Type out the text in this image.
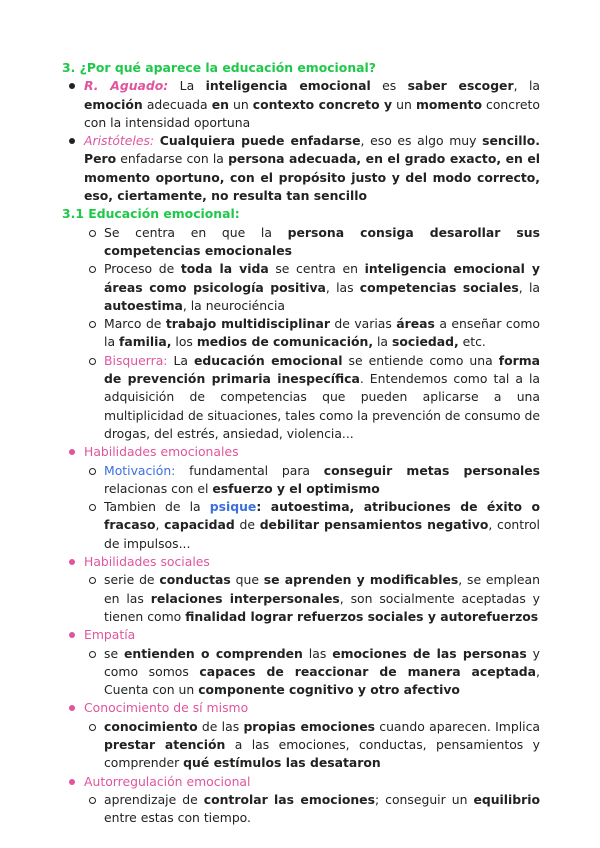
3. ¿Por qué aparece la educación emocional?

R. Aguado: La inteligencia emocional es saber escoger, la emoción adecuada en un contexto concreto y un momento concreto con la intensidad oportuna
Aristóteles: Cualquiera puede enfadarse, eso es algo muy sencillo. Pero enfadarse con la persona adecuada, en el grado exacto, en el momento oportuno, con el propósito justo y del modo correcto, eso, ciertamente, no resulta tan sencillo

3.1 Educación emocional:

Se centra en que la persona consiga desarollar sus competencias emocionales
Proceso de toda la vida se centra en inteligencia emocional y áreas como psicología positiva, las competencias sociales, la autoestima, la neurociéncia
Marco de trabajo multidisciplinar de varias áreas a enseñar como la familia, los medios de comunicación, la sociedad, etc.
Bisquerra: La educación emocional se entiende como una forma de prevención primaria inespecífica. Entendemos como tal a la adquisición de competencias que pueden aplicarse a una multiplicidad de situaciones, tales como la prevención de consumo de drogas, del estrés, ansiedad, violencia...
Habilidades emocionales
Motivación: fundamental para conseguir metas personales relacionas con el esfuerzo y el optimismo
Tambien de la psique: autoestima, atribuciones de éxito o fracaso, capacidad de debilitar pensamientos negativo, control de impulsos...
Habilidades sociales
serie de conductas que se aprenden y modificables, se emplean en las relaciones interpersonales, son socialmente aceptadas y tienen como finalidad lograr refuerzos sociales y autorefuerzos
Empatía
se entienden o comprenden las emociones de las personas y como somos capaces de reaccionar de manera aceptada, Cuenta con un componente cognitivo y otro afectivo
Conocimiento de sí mismo
conocimiento de las propias emociones cuando aparecen. Implica prestar atención a las emociones, conductas, pensamientos y comprender qué estímulos las desataron
Autorregulación emocional
aprendizaje de controlar las emociones; conseguir un equilibrio entre estas con tiempo.
